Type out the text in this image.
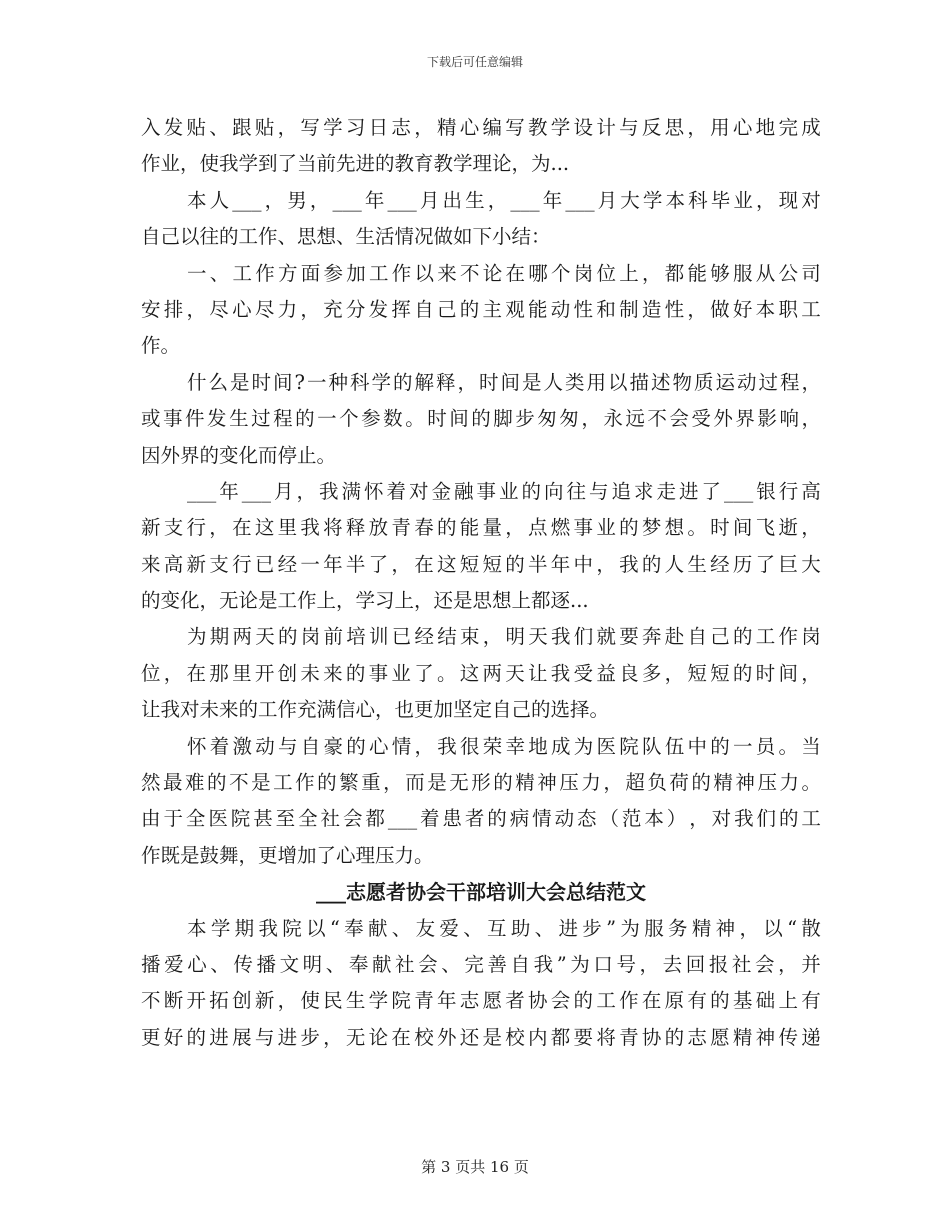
下载后可任意编辑
入 发 贴 、 跟 贴 ， 写 学 习 日 志 ， 精 心 编 写 教 学 设 计 与 反 思 ， 用 心 地 完 成
作业，使我学到了当前先进的教育教学理论，为...
本 人 ___ ， 男 ， ___ 年 ___ 月 出 生 ， ___ 年 ___ 月 大 学 本 科 毕 业 ， 现 对
自己以往的工作、思想、生活情况做如下小结：
一 、 工 作 方 面 参 加 工 作 以 来 不 论 在 哪 个 岗 位 上 ， 都 能 够 服 从 公 司
安 排 ， 尽 心 尽 力 ， 充 分 发 挥 自 己 的 主 观 能 动 性 和 制 造 性 ， 做 好 本 职 工
作。
什 么 是 时 间 ? 一 种 科 学 的 解 释 ， 时 间 是 人 类 用 以 描 述 物 质 运 动 过 程 ，
或 事 件 发 生 过 程 的 一 个 参 数 。 时 间 的 脚 步 匆 匆 ， 永 远 不 会 受 外 界 影 响 ，
因外界的变化而停止。
___ 年 ___ 月 ， 我 满 怀 着 对 金 融 事 业 的 向 往 与 追 求 走 进 了 ___ 银 行 高
新 支 行 ， 在 这 里 我 将 释 放 青 春 的 能 量 ， 点 燃 事 业 的 梦 想 。 时 间 飞 逝 ，
来 高 新 支 行 已 经 一 年 半 了 ， 在 这 短 短 的 半 年 中 ， 我 的 人 生 经 历 了 巨 大
的变化，无论是工作上，学习上，还是思想上都逐...
为 期 两 天 的 岗 前 培 训 已 经 结 束 ， 明 天 我 们 就 要 奔 赴 自 己 的 工 作 岗
位 ， 在 那 里 开 创 未 来 的 事 业 了 。 这 两 天 让 我 受 益 良 多 ， 短 短 的 时 间 ，
让我对未来的工作充满信心，也更加坚定自己的选择。
怀 着 激 动 与 自 豪 的 心 情 ， 我 很 荣 幸 地 成 为 医 院 队 伍 中 的 一 员 。 当
然 最 难 的 不 是 工 作 的 繁 重 ， 而 是 无 形 的 精 神 压 力 ， 超 负 荷 的 精 神 压 力 。
由 于 全 医 院 甚 至 全 社 会 都 ___ 着 患 者 的 病 情 动 态 （ 范 本 ） ， 对 我 们 的 工
作既是鼓舞，更增加了心理压力。
___志愿者协会干部培训大会总结范文
本 学 期 我 院 以 “ 奉 献 、 友 爱 、 互 助 、 进 步 ” 为 服 务 精 神 ， 以 “ 散
播 爱 心 、 传 播 文 明 、 奉 献 社 会 、 完 善 自 我 ” 为 口 号 ， 去 回 报 社 会 ， 并
不 断 开 拓 创 新 ， 使 民 生 学 院 青 年 志 愿 者 协 会 的 工 作 在 原 有 的 基 础 上 有
更 好 的 进 展 与 进 步 ， 无 论 在 校 外 还 是 校 内 都 要 将 青 协 的 志 愿 精 神 传 递
第 3 页共 16 页
